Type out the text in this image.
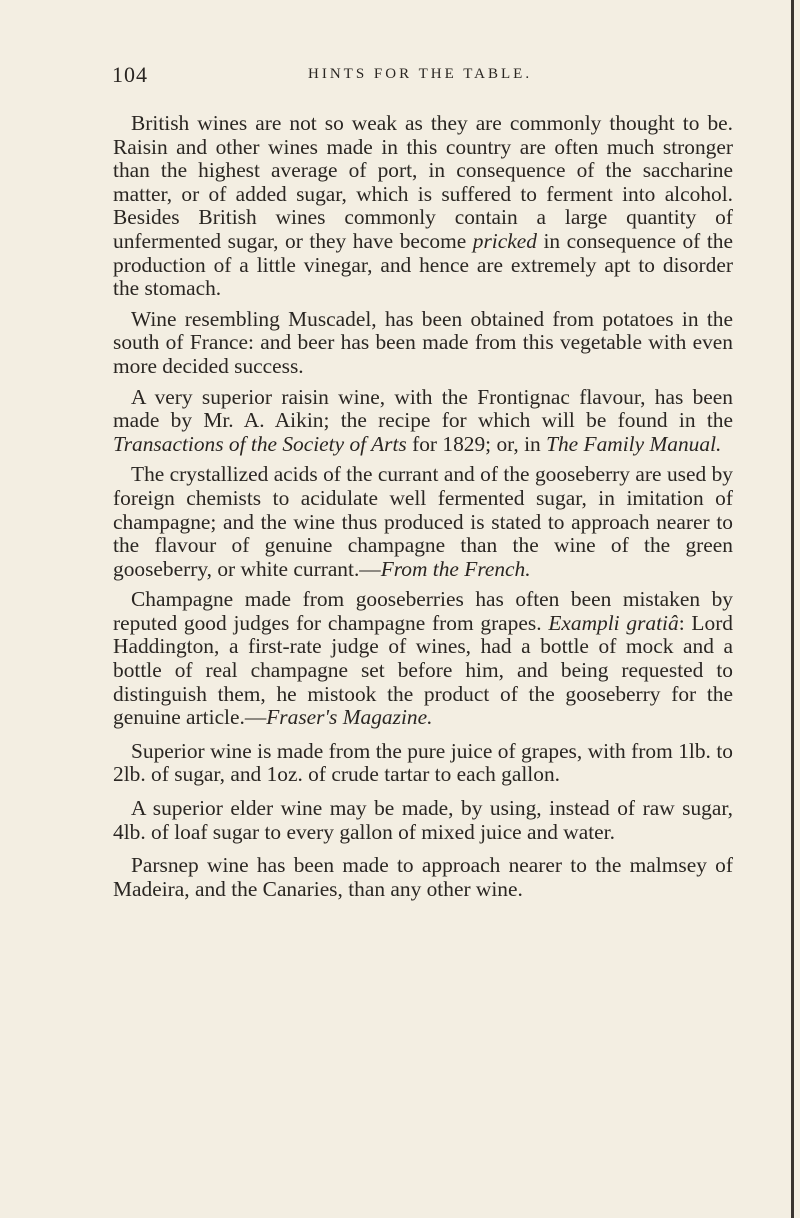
104	HINTS FOR THE TABLE.

British wines are not so weak as they are commonly thought to be. Raisin and other wines made in this country are often much stronger than the highest average of port, in consequence of the saccharine matter, or of added sugar, which is suffered to ferment into alcohol. Besides British wines commonly contain a large quantity of unfermented sugar, or they have become pricked in consequence of the production of a little vinegar, and hence are extremely apt to disorder the stomach.

Wine resembling Muscadel, has been obtained from potatoes in the south of France: and beer has been made from this vegetable with even more decided success.

A very superior raisin wine, with the Frontignac flavour, has been made by Mr. A. Aikin; the recipe for which will be found in the Transactions of the Society of Arts for 1829; or, in The Family Manual.

The crystallized acids of the currant and of the gooseberry are used by foreign chemists to acidulate well fermented sugar, in imitation of champagne; and the wine thus produced is stated to approach nearer to the flavour of genuine champagne than the wine of the green gooseberry, or white currant.—From the French.

Champagne made from gooseberries has often been mistaken by reputed good judges for champagne from grapes. Exampli gratiâ: Lord Haddington, a first-rate judge of wines, had a bottle of mock and a bottle of real champagne set before him, and being requested to distinguish them, he mistook the product of the gooseberry for the genuine article.—Fraser's Magazine.

Superior wine is made from the pure juice of grapes, with from 1lb. to 2lb. of sugar, and 1oz. of crude tartar to each gallon.

A superior elder wine may be made, by using, instead of raw sugar, 4lb. of loaf sugar to every gallon of mixed juice and water.

Parsnep wine has been made to approach nearer to the malmsey of Madeira, and the Canaries, than any other wine.
